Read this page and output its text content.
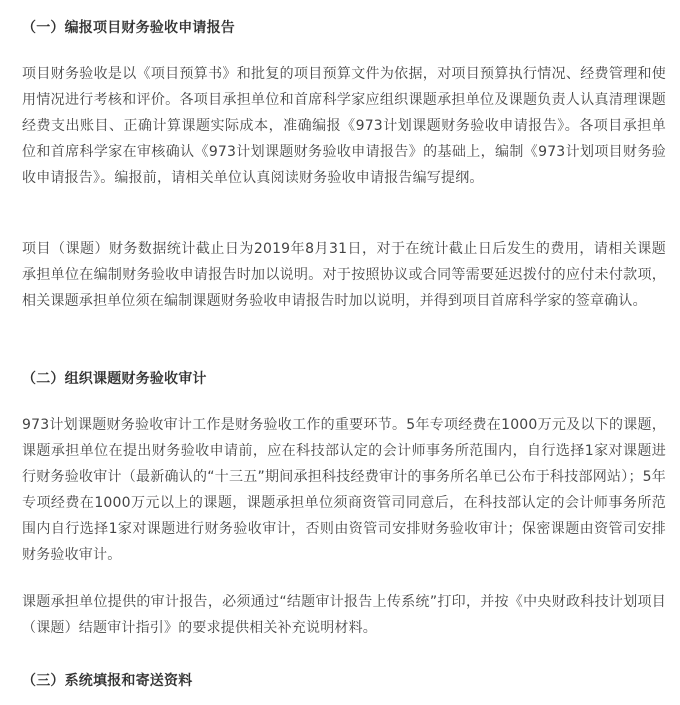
（一）编报项目财务验收申请报告

项目财务验收是以《项目预算书》和批复的项目预算文件为依据，对项目预算执行情况、经费管理和使用情况进行考核和评价。各项目承担单位和首席科学家应组织课题承担单位及课题负责人认真清理课题经费支出账目、正确计算课题实际成本，准确编报《973计划课题财务验收申请报告》。各项目承担单位和首席科学家在审核确认《973计划课题财务验收申请报告》的基础上，编制《973计划项目财务验收申请报告》。编报前，请相关单位认真阅读财务验收申请报告编写提纲。

项目（课题）财务数据统计截止日为2019年8月31日，对于在统计截止日后发生的费用，请相关课题承担单位在编制财务验收申请报告时加以说明。对于按照协议或合同等需要延迟拨付的应付未付款项，相关课题承担单位须在编制课题财务验收申请报告时加以说明，并得到项目首席科学家的签章确认。

（二）组织课题财务验收审计

973计划课题财务验收审计工作是财务验收工作的重要环节。5年专项经费在1000万元及以下的课题，课题承担单位在提出财务验收申请前，应在科技部认定的会计师事务所范围内，自行选择1家对课题进行财务验收审计（最新确认的“十三五”期间承担科技经费审计的事务所名单已公布于科技部网站）；5年专项经费在1000万元以上的课题，课题承担单位须商资管司同意后，在科技部认定的会计师事务所范围内自行选择1家对课题进行财务验收审计，否则由资管司安排财务验收审计；保密课题由资管司安排财务验收审计。

课题承担单位提供的审计报告，必须通过“结题审计报告上传系统”打印，并按《中央财政科技计划项目（课题）结题审计指引》的要求提供相关补充说明材料。

（三）系统填报和寄送资料
